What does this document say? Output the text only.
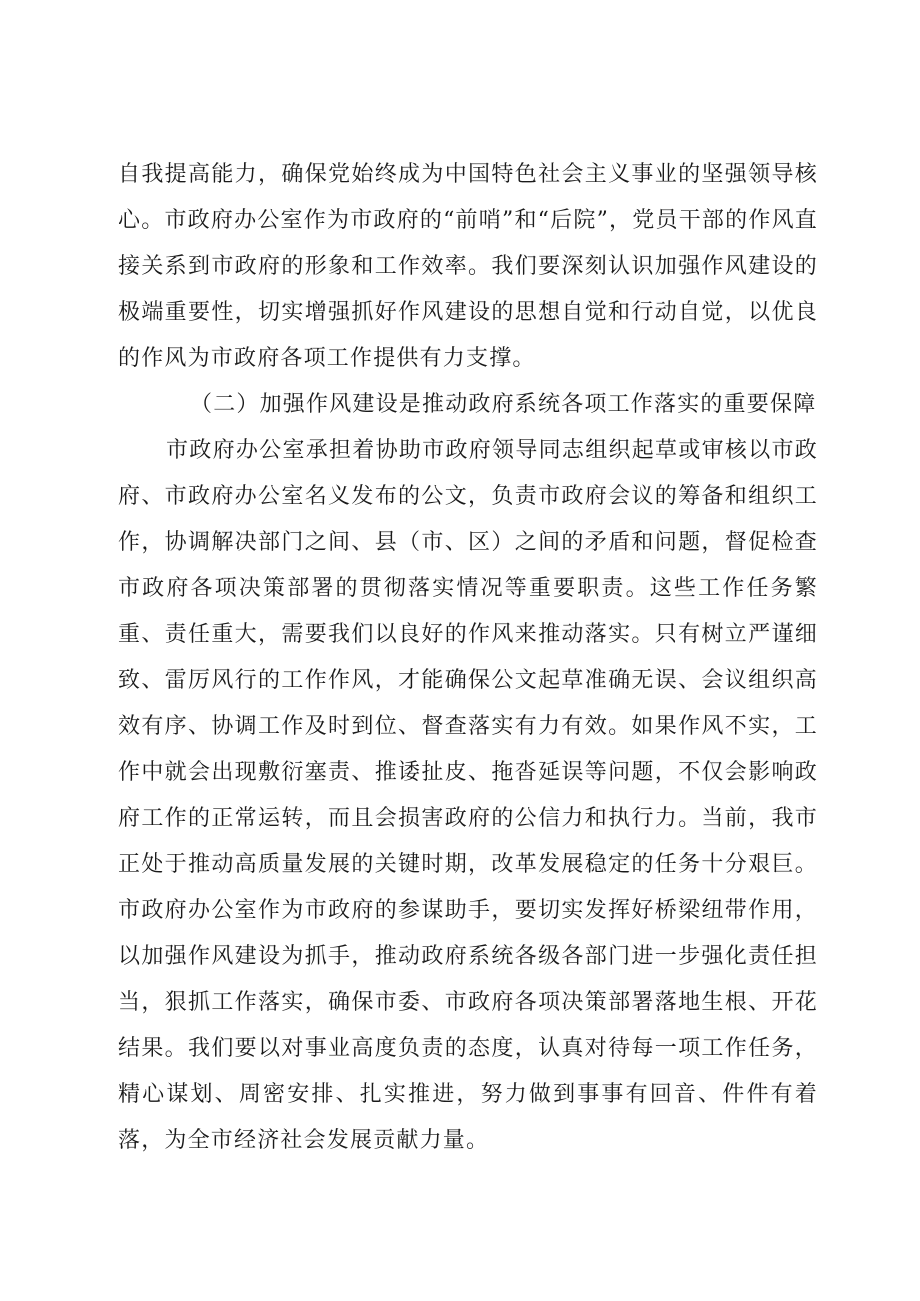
自我提高能力，确保党始终成为中国特色社会主义事业的坚强领导核心。市政府办公室作为市政府的“前哨”和“后院”，党员干部的作风直接关系到市政府的形象和工作效率。我们要深刻认识加强作风建设的极端重要性，切实增强抓好作风建设的思想自觉和行动自觉，以优良的作风为市政府各项工作提供有力支撑。
（二）加强作风建设是推动政府系统各项工作落实的重要保障
市政府办公室承担着协助市政府领导同志组织起草或审核以市政府、市政府办公室名义发布的公文，负责市政府会议的筹备和组织工作，协调解决部门之间、县（市、区）之间的矛盾和问题，督促检查市政府各项决策部署的贯彻落实情况等重要职责。这些工作任务繁重、责任重大，需要我们以良好的作风来推动落实。只有树立严谨细致、雷厉风行的工作作风，才能确保公文起草准确无误、会议组织高效有序、协调工作及时到位、督查落实有力有效。如果作风不实，工作中就会出现敷衍塞责、推诿扯皮、拖沓延误等问题，不仅会影响政府工作的正常运转，而且会损害政府的公信力和执行力。当前，我市正处于推动高质量发展的关键时期，改革发展稳定的任务十分艰巨。市政府办公室作为市政府的参谋助手，要切实发挥好桥梁纽带作用，以加强作风建设为抓手，推动政府系统各级各部门进一步强化责任担当，狠抓工作落实，确保市委、市政府各项决策部署落地生根、开花结果。我们要以对事业高度负责的态度，认真对待每一项工作任务，精心谋划、周密安排、扎实推进，努力做到事事有回音、件件有着落，为全市经济社会发展贡献力量。
